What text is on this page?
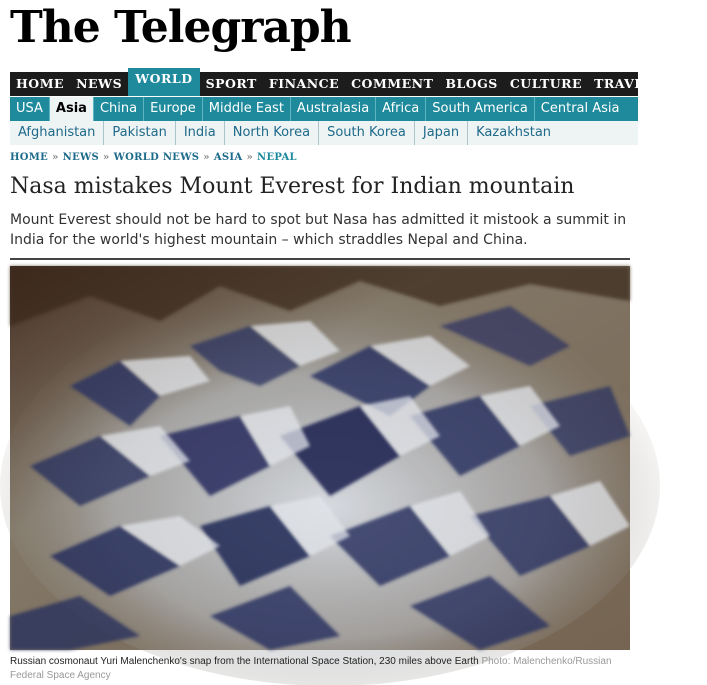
The Telegraph
HOME NEWS WORLD SPORT FINANCE COMMENT BLOGS CULTURE TRAVEL LIFE
USA Asia China Europe Middle East Australasia Africa South America Central Asia
Afghanistan Pakistan India North Korea South Korea Japan Kazakhstan
HOME » NEWS » WORLD NEWS » ASIA » NEPAL
Nasa mistakes Mount Everest for Indian mountain

Mount Everest should not be hard to spot but Nasa has admitted it mistook a summit in India for the world's highest mountain – which straddles Nepal and China.

Russian cosmonaut Yuri Malenchenko's snap from the International Space Station, 230 miles above Earth Photo: Malenchenko/Russian Federal Space Agency
